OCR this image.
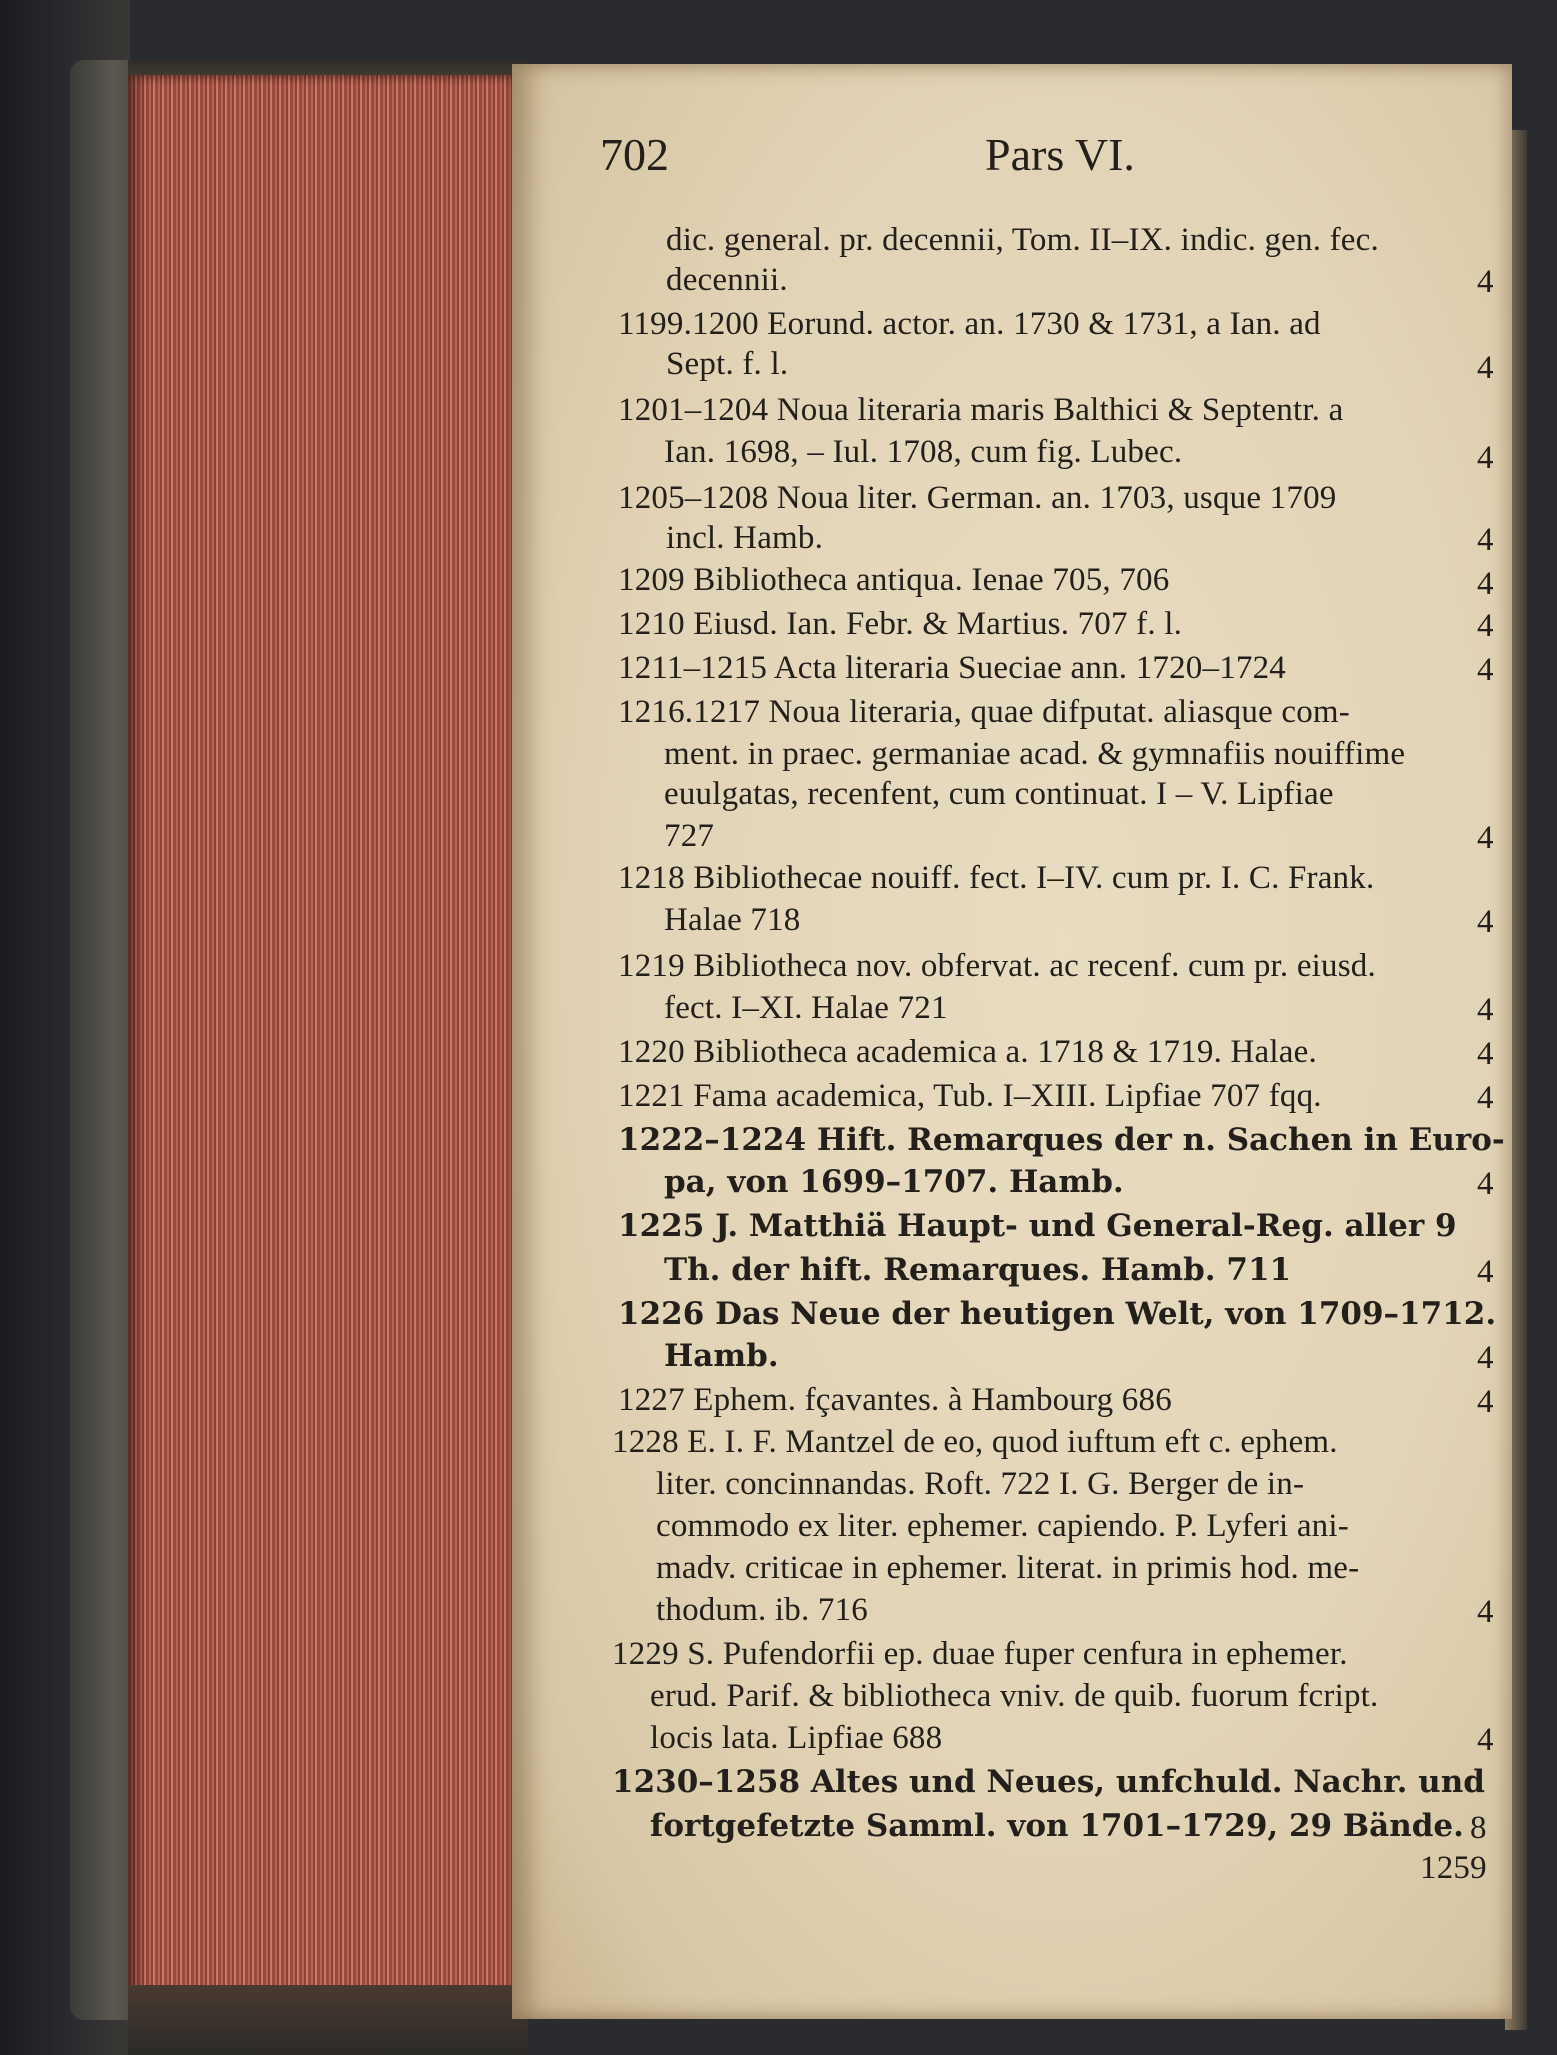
702	Pars VI.
dic. general. pr. decennii, Tom. II–IX. indic. gen. fec.
decennii.
1199.1200 Eorund. actor. an. 1730 & 1731, a Ian. ad
Sept. f. l.
1201–1204 Noua literaria maris Balthici & Septentr. a
Ian. 1698, – Iul. 1708, cum fig. Lubec.
1205–1208 Noua liter. German. an. 1703, usque 1709
incl. Hamb.
1209 Bibliotheca antiqua. Ienae 705, 706
1210 Eiusd. Ian. Febr. & Martius. 707 f. l.
1211–1215 Acta literaria Sueciae ann. 1720–1724
1216.1217 Noua literaria, quae difputat. aliasque com-
ment. in praec. germaniae acad. & gymnafiis nouiffime
euulgatas, recenfent, cum continuat. I – V. Lipfiae
727
1218 Bibliothecae nouiff. fect. I–IV. cum pr. I. C. Frank.
Halae 718
1219 Bibliotheca nov. obfervat. ac recenf. cum pr. eiusd.
fect. I–XI. Halae 721
1220 Bibliotheca academica a. 1718 & 1719. Halae.
1221 Fama academica, Tub. I–XIII. Lipfiae 707 fqq.
1222–1224 Hift. Remarques der n. Sachen in Euro-
pa, von 1699–1707. Hamb.
1225 J. Matthiä Haupt- und General-Reg. aller 9
Th. der hift. Remarques. Hamb. 711
1226 Das Neue der heutigen Welt, von 1709–1712.
Hamb.
1227 Ephem. fçavantes. à Hambourg 686
1228 E. I. F. Mantzel de eo, quod iuftum eft c. ephem.
liter. concinnandas. Roft. 722 I. G. Berger de in-
commodo ex liter. ephemer. capiendo. P. Lyferi ani-
madv. criticae in ephemer. literat. in primis hod. me-
thodum. ib. 716
1229 S. Pufendorfii ep. duae fuper cenfura in ephemer.
erud. Parif. & bibliotheca vniv. de quib. fuorum fcript.
locis lata. Lipfiae 688
1230–1258 Altes und Neues, unfchuld. Nachr. und
fortgefetzte Samml. von 1701–1729, 29 Bände.
4
4
4
4
4
4
4
4
4
4
4
4
4
4
4
4
4
4
8
1259
